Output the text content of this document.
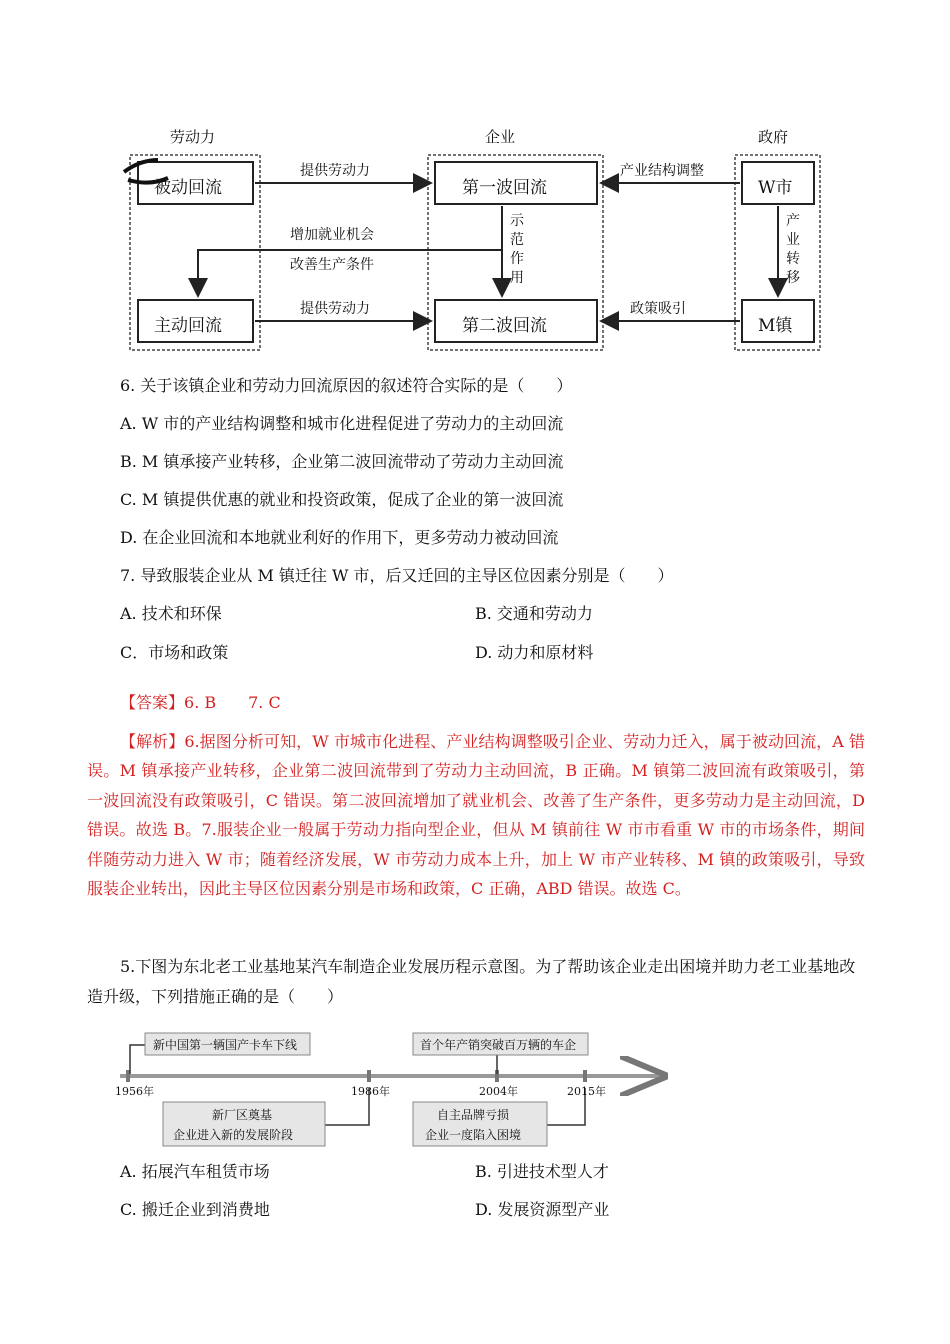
劳动力	企业	政府
被动回流
主动回流
第一波回流
第二波回流
W市
M镇
提供劳动力
提供劳动力
产业结构调整
政策吸引
增加就业机会
改善生产条件
示范作用
产业转移
6. 关于该镇企业和劳动力回流原因的叙述符合实际的是（　　）
A. W 市的产业结构调整和城市化进程促进了劳动力的主动回流
B. M 镇承接产业转移，企业第二波回流带动了劳动力主动回流
C. M 镇提供优惠的就业和投资政策，促成了企业的第一波回流
D. 在企业回流和本地就业利好的作用下，更多劳动力被动回流
7. 导致服装企业从 M 镇迁往 W 市，后又迁回的主导区位因素分别是（　　）
A. 技术和环保	B. 交通和劳动力
C．市场和政策	D. 动力和原材料
【答案】6. B　　7. C
【解析】6.据图分析可知，W 市城市化进程、产业结构调整吸引企业、劳动力迁入，属于被动回流，A 错误。M 镇承接产业转移，企业第二波回流带到了劳动力主动回流，B 正确。M 镇第二波回流有政策吸引，第一波回流没有政策吸引，C 错误。第二波回流增加了就业机会、改善了生产条件，更多劳动力是主动回流，D 错误。故选 B。7.服装企业一般属于劳动力指向型企业，但从 M 镇前往 W 市市看重 W 市的市场条件，期间伴随劳动力进入 W 市；随着经济发展，W 市劳动力成本上升，加上 W 市产业转移、M 镇的政策吸引，导致服装企业转出，因此主导区位因素分别是市场和政策，C 正确，ABD 错误。故选 C。
5.下图为东北老工业基地某汽车制造企业发展历程示意图。为了帮助该企业走出困境并助力老工业基地改造升级，下列措施正确的是（　　）
新中国第一辆国产卡车下线	首个年产销突破百万辆的车企
新厂区奠基
企业进入新的发展阶段
自主品牌亏损
企业一度陷入困境
1956年	1986年	2004年	2015年
A. 拓展汽车租赁市场	B. 引进技术型人才
C. 搬迁企业到消费地	D. 发展资源型产业
